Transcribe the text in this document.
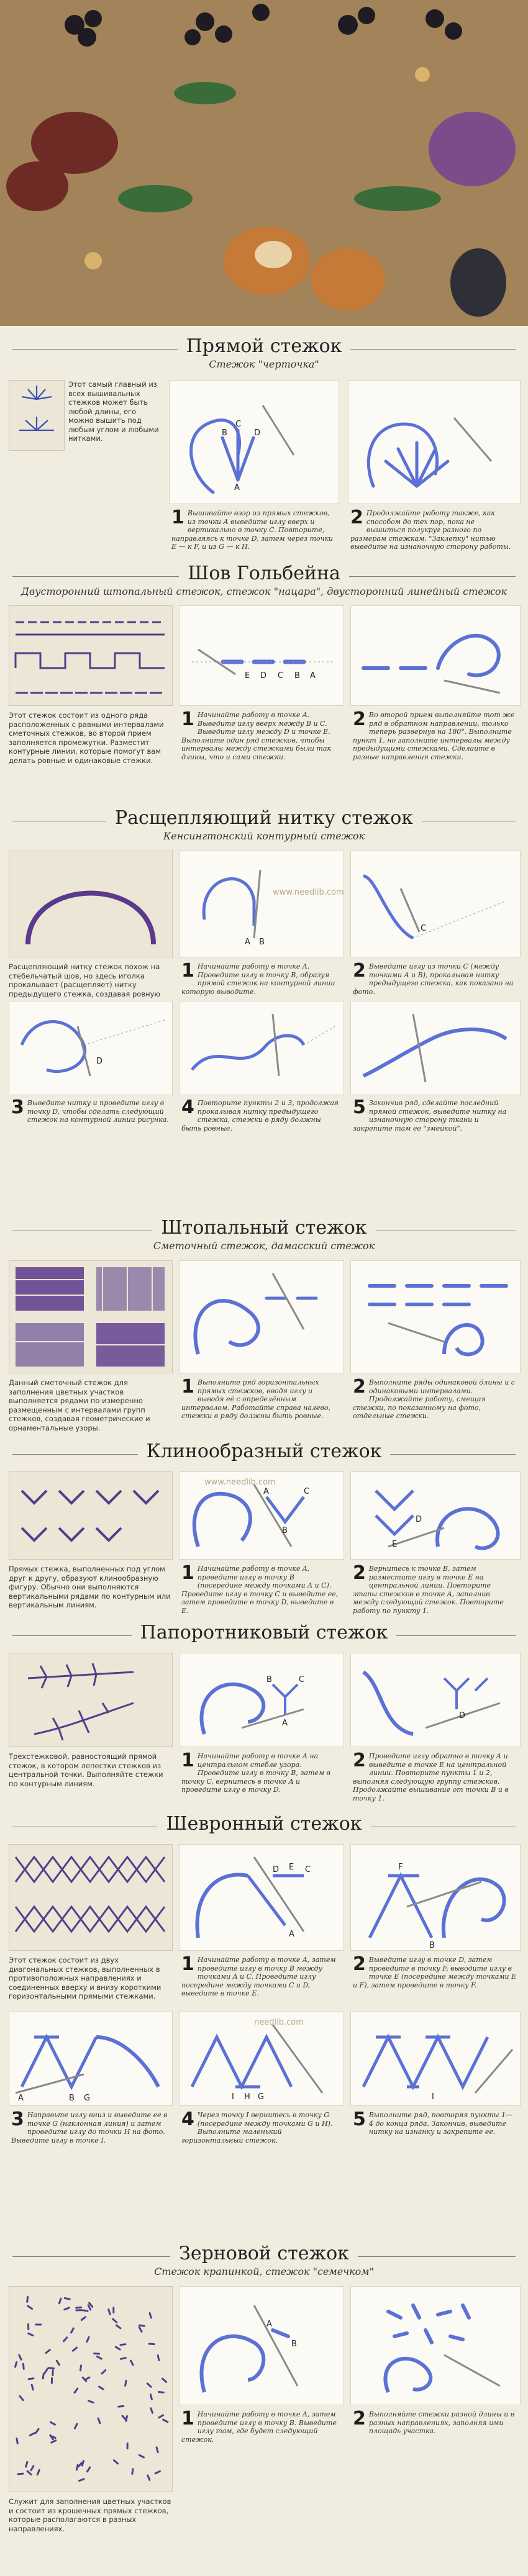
Прямой стежок
Стежок "черточка"
Этот самый главный из всех вышивальных стежков может быть любой длины, его можно вышить под любым углом и любыми нитками.
A
B
C
D
1 Вышивайте вээр из прямых стежков, из точки A выведите иглу вверх и вертикально в точку C. Повторите, направляясь к точке D, затем через точки E — к F, и из G — к H.
2 Продолжайте работу также, как способом до тех пор, пока не вышиться полукруг разного по размерам стежкам. "Заклепку" нитью выведите на изнаночную сторону работы.
Шов Гольбейна
Двусторонний штопальный стежок, стежок "нацаpa", двусторонний линейный стежок
E D C B A
Этот стежок состоит из одного ряда расположенных с равными интервалами сметочных стежков, во второй прием заполняется промежутки. Разместит контурные линии, которые помогут вам делать ровные и одинаковые стежки.
1 Начинайте работу в точке A. Выведите иглу вверх между B и C. Выведите иглу между D и точке E. Выполните один ряд стежков, чтобы интервалы между стежками были так длины, что и сами стежки.
2 Во второй прием выполняйте тот же ряд в обратном направлении, только теперь развернув на 180°. Выполните пункт 1, но заполните интервалы между предыдущими стежками. Сделайте в разные направления стежки.
Расщепляющий нитку стежок
Кенсингтонский контурный стежок
A B
www.needlib.com
C
Расщепляющий нитку стежок похож на стебельчатый шов, но здесь иголка прокалывает (расщепляет) нитку предыдущего стежка, создавая ровную
1 Начинайте работу в точке A. Проведите иглу в точку B, образуя прямой стежок на контурной линии которую выводите.
2 Выведите иглу из точки C (между точками A и B), прокалывая нитку предыдущего стежка, как показано на фото.
D
3 Выведите нитку и проведите иглу в точку D, чтобы сделать следующий стежок на контурной линии рисунка.
4 Повторите пункты 2 и 3, продолжая прокалывая нитку предыдущего стежка, стежки в ряду должны быть ровные.
5 Закончив ряд, сделайте последний прямой стежок, выведите нитку на изнаночную сторону ткани и закрепите там ее "змейкой".
Штопальный стежок
Сметочный стежок, дамасский стежок
Данный сметочный стежок для заполнения цветных участков выполняется рядами по измеренно размещенным с интервалами групп стежков, создавая геометрические и орнаментальные узоры.
1 Выполните ряд горизонтальных прямых стежков, вводя иглу и выводя её с определённым интервалом. Работайте справа налево, стежки в ряду должны быть ровные.
2 Выполните ряды одинаковой длины и с одинаковыми интервалами. Продолжайте работу, смещая стежки, по показанному на фото, отдельные стежки.
Клинообразный стежок
A
B
C
www.needlib.com
D
E
Прямых стежка, выполненных под углом друг к другу, образуют клинообразную фигуру. Обычно они выполняются вертикальными рядами по контурным или вертикальным линиям.
1 Начинайте работу в точке A, проведите иглу в точку B (посередине между точками A и C). Проведите иглу в точку C и выведите ее, затем проведите в точку D, выведите в E.
2 Вернитесь к точке B, затем разместите иглу в точке E на центральной линии. Повторите этапы стежков в точке A, заполнив между следующий стежок. Повторите работу по пункту 1.
Папоротниковый стежок
A
B	C
D
Трехстежковой, равностоящий прямой стежок, в котором лепестки стежков из центральной точки. Выполняйте стежки по контурным линиям.
1 Начинайте работу в точке A на центральном стебле узора. Проведите иглу в точку B, затем в точку C, вернитесь в точке A и проведите иглу в точку D.
2 Проведите иглу обратно в точку A и выведите в точке E на центральной линии. Повторите пункты 1 и 2, выполняя следующую группу стежков. Продолжайте вышивание от точки B и в точку 1.
Шевронный стежок
E
D
A
C	F
B
Этот стежок состоит из двух диагональных стежков, выполненных в противоположных направлениях и соединенных вверху и внизу короткими горизонтальными прямыми стежками.
1 Начинайте работу в точке A, затем проведите иглу в точку B между точками A и C. Проведите иглу посередине между точками C и D, выведите в точке E.
2 Выведите иглу в точке D, затем проведите в точку F, выводите иглу в точке E (посередине между точками E и F), затем проведите в точку F.
A	B G	I H G
needlib.com
I
3 Направьте иглу вниз и выведите ее в точке G (наклонная линия) и затем проведите иглу до точки H на фото. Выведите иглу в точке I.
4 Через точку I вернитесь в точку G (посередине между точками G и H). Выполните маленький горизонтальный стежок.
5 Выполните ряд, повторяя пункты 1—4 до конца ряда. Закончив, выведите нитку на изнанку и закрепите ее.
Зерновой стежок
Стежок крапинкой, стежок "семечком"
A
B
1 Начинайте работу в точке A, затем проведите иглу в точку B. Выведите иглу там, где будет следующий стежок.
2 Выполняйте стежки разной длины и в разных направлениях, заполняя ими площадь участка.
Служит для заполнения цветных участков и состоит из крошечных прямых стежков, которые располагаются в разных направлениях.
